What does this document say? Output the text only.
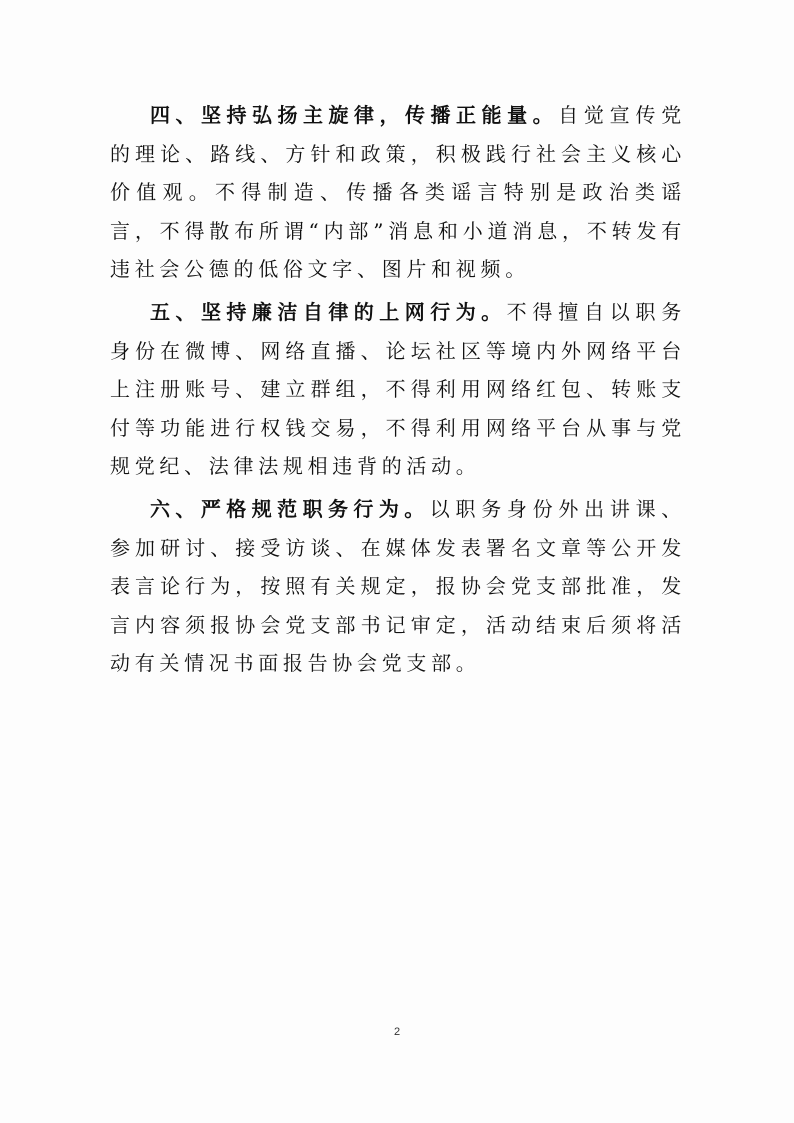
四、坚持弘扬主旋律，传播正能量。自觉宣传党的理论、路线、方针和政策，积极践行社会主义核心价值观。不得制造、传播各类谣言特别是政治类谣言，不得散布所谓“内部”消息和小道消息，不转发有违社会公德的低俗文字、图片和视频。

五、坚持廉洁自律的上网行为。不得擅自以职务身份在微博、网络直播、论坛社区等境内外网络平台上注册账号、建立群组，不得利用网络红包、转账支付等功能进行权钱交易，不得利用网络平台从事与党规党纪、法律法规相违背的活动。

六、严格规范职务行为。以职务身份外出讲课、参加研讨、接受访谈、在媒体发表署名文章等公开发表言论行为，按照有关规定，报协会党支部批准，发言内容须报协会党支部书记审定，活动结束后须将活动有关情况书面报告协会党支部。

2
